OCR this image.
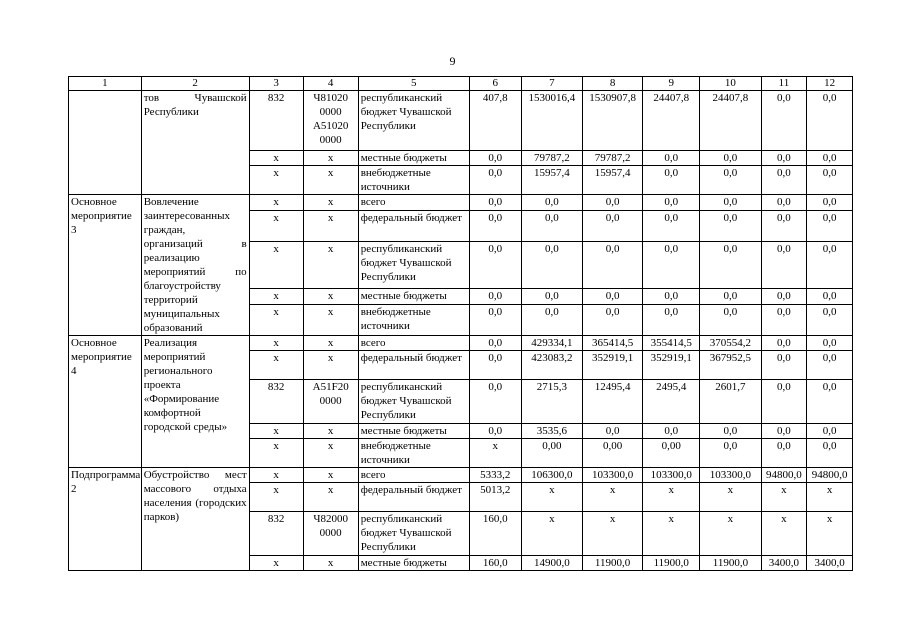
9
1	2	3	4	5	6	7	8	9	10	11	12
	тов Чувашской Республики	832	Ч81020
0000
A51020
0000	республиканский бюджет Чувашской Республики	407,8	1530016,4	1530907,8	24407,8	24407,8	0,0	0,0
		x	x	местные бюджеты	0,0	79787,2	79787,2	0,0	0,0	0,0	0,0
		x	x	внебюджетные источники	0,0	15957,4	15957,4	0,0	0,0	0,0	0,0
Основное мероприятие 3	Вовлечение заинтересованных граждан, организаций в реализацию мероприятий по благоустройству территорий муниципальных образований	x	x	всего	0,0	0,0	0,0	0,0	0,0	0,0	0,0
		x	x	федеральный бюджет	0,0	0,0	0,0	0,0	0,0	0,0	0,0
		x	x	республиканский бюджет Чувашской Республики	0,0	0,0	0,0	0,0	0,0	0,0	0,0
		x	x	местные бюджеты	0,0	0,0	0,0	0,0	0,0	0,0	0,0
		x	x	внебюджетные источники	0,0	0,0	0,0	0,0	0,0	0,0	0,0
Основное мероприятие 4	Реализация мероприятий регионального проекта «Формирование комфортной городской среды»	x	x	всего	0,0	429334,1	365414,5	355414,5	370554,2	0,0	0,0
		x	x	федеральный бюджет	0,0	423083,2	352919,1	352919,1	367952,5	0,0	0,0
		832	A51F20
0000	республиканский бюджет Чувашской Республики	0,0	2715,3	12495,4	2495,4	2601,7	0,0	0,0
		x	x	местные бюджеты	0,0	3535,6	0,0	0,0	0,0	0,0	0,0
		x	x	внебюджетные источники	x	0,00	0,00	0,00	0,0	0,0	0,0
Подпрограмма 2	Обустройство мест массового отдыха населения (городских парков)	x	x	всего	5333,2	106300,0	103300,0	103300,0	103300,0	94800,0	94800,0
		x	x	федеральный бюджет	5013,2	x	x	x	x	x	x
		832	Ч82000
0000	республиканский бюджет Чувашской Республики	160,0	x	x	x	x	x	x
		x	x	местные бюджеты	160,0	14900,0	11900,0	11900,0	11900,0	3400,0	3400,0
